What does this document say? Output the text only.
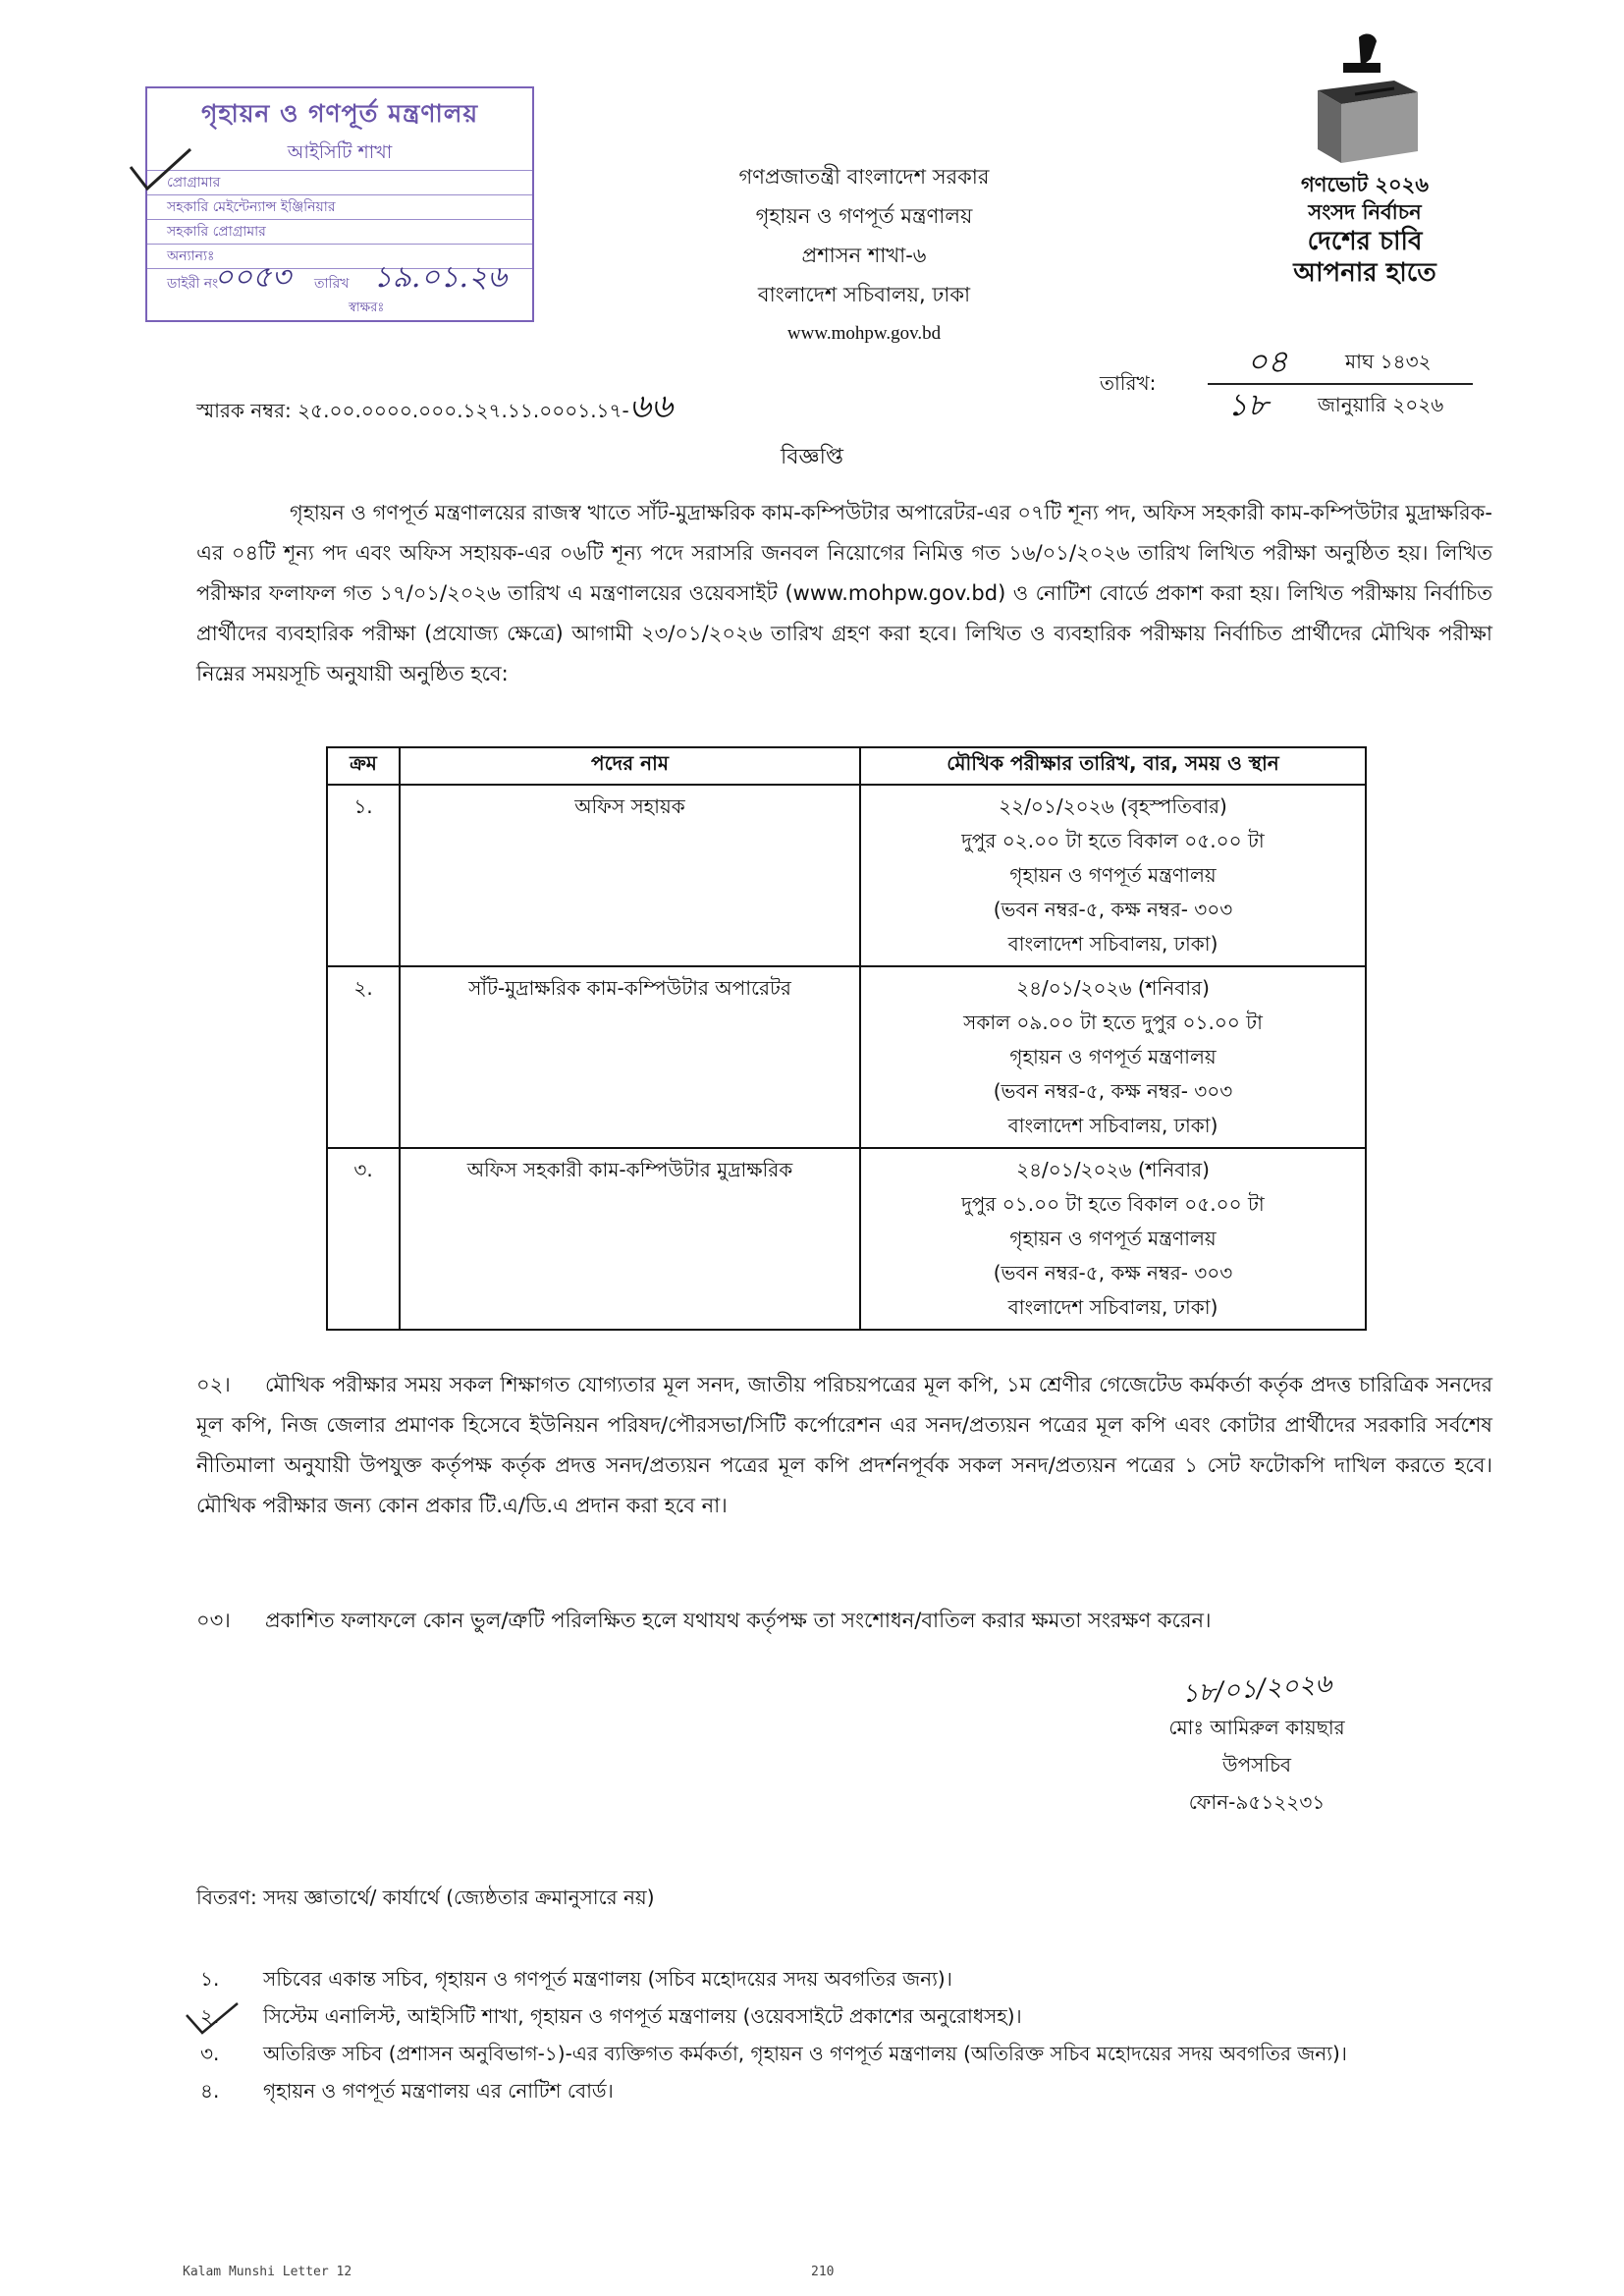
গৃহায়ন ও গণপূর্ত মন্ত্রণালয়
আইসিটি শাখা
প্রোগ্রামার
সহকারি মেইন্টেন্যান্স ইঞ্জিনিয়ার
সহকারি প্রোগ্রামার
অন্যান্যঃ
ডাইরী নং
০০৫৩ তারিখ ১৯.০১.২৬
স্বাক্ষরঃ
গণপ্রজাতন্ত্রী বাংলাদেশ সরকার
গৃহায়ন ও গণপূর্ত মন্ত্রণালয়
প্রশাসন শাখা-৬
বাংলাদেশ সচিবালয়, ঢাকা
www.mohpw.gov.bd
গণভোট ২০২৬
সংসদ নির্বাচন
দেশের চাবি
আপনার হাতে
স্মারক নম্বর: ২৫.০০.০০০০.০০০.১২৭.১১.০০০১.১৭-৬৬
তারিখ:
০৪	মাঘ ১৪৩২
১৮	জানুয়ারি ২০২৬
বিজ্ঞপ্তি
গৃহায়ন ও গণপূর্ত মন্ত্রণালয়ের রাজস্ব খাতে সাঁট-মুদ্রাক্ষরিক কাম-কম্পিউটার অপারেটর-এর ০৭টি শূন্য পদ, অফিস সহকারী কাম-কম্পিউটার মুদ্রাক্ষরিক-এর ০৪টি শূন্য পদ এবং অফিস সহায়ক-এর ০৬টি শূন্য পদে সরাসরি জনবল নিয়োগের নিমিত্ত গত ১৬/০১/২০২৬ তারিখ লিখিত পরীক্ষা অনুষ্ঠিত হয়। লিখিত পরীক্ষার ফলাফল গত ১৭/০১/২০২৬ তারিখ এ মন্ত্রণালয়ের ওয়েবসাইট (www.mohpw.gov.bd) ও নোটিশ বোর্ডে প্রকাশ করা হয়। লিখিত পরীক্ষায় নির্বাচিত প্রার্থীদের ব্যবহারিক পরীক্ষা (প্রযোজ্য ক্ষেত্রে) আগামী ২৩/০১/২০২৬ তারিখ গ্রহণ করা হবে। লিখিত ও ব্যবহারিক পরীক্ষায় নির্বাচিত প্রার্থীদের মৌখিক পরীক্ষা নিম্নের সময়সূচি অনুযায়ী অনুষ্ঠিত হবে:
ক্রম	পদের নাম	মৌখিক পরীক্ষার তারিখ, বার, সময় ও স্থান
১.	অফিস সহায়ক	২২/০১/২০২৬ (বৃহস্পতিবার)
দুপুর ০২.০০ টা হতে বিকাল ০৫.০০ টা
গৃহায়ন ও গণপূর্ত মন্ত্রণালয়
(ভবন নম্বর-৫, কক্ষ নম্বর- ৩০৩
বাংলাদেশ সচিবালয়, ঢাকা)

২.	সাঁট-মুদ্রাক্ষরিক কাম-কম্পিউটার অপারেটর	২৪/০১/২০২৬ (শনিবার)
সকাল ০৯.০০ টা হতে দুপুর ০১.০০ টা
গৃহায়ন ও গণপূর্ত মন্ত্রণালয়
(ভবন নম্বর-৫, কক্ষ নম্বর- ৩০৩
বাংলাদেশ সচিবালয়, ঢাকা)

৩.	অফিস সহকারী কাম-কম্পিউটার মুদ্রাক্ষরিক	২৪/০১/২০২৬ (শনিবার)
দুপুর ০১.০০ টা হতে বিকাল ০৫.০০ টা
গৃহায়ন ও গণপূর্ত মন্ত্রণালয়
(ভবন নম্বর-৫, কক্ষ নম্বর- ৩০৩
বাংলাদেশ সচিবালয়, ঢাকা)
০২। মৌখিক পরীক্ষার সময় সকল শিক্ষাগত যোগ্যতার মূল সনদ, জাতীয় পরিচয়পত্রের মূল কপি, ১ম শ্রেণীর গেজেটেড কর্মকর্তা কর্তৃক প্রদত্ত চারিত্রিক সনদের মূল কপি, নিজ জেলার প্রমাণক হিসেবে ইউনিয়ন পরিষদ/পৌরসভা/সিটি কর্পোরেশন এর সনদ/প্রত্যয়ন পত্রের মূল কপি এবং কোটার প্রার্থীদের সরকারি সর্বশেষ নীতিমালা অনুযায়ী উপযুক্ত কর্তৃপক্ষ কর্তৃক প্রদত্ত সনদ/প্রত্যয়ন পত্রের মূল কপি প্রদর্শনপূর্বক সকল সনদ/প্রত্যয়ন পত্রের ১ সেট ফটোকপি দাখিল করতে হবে। মৌখিক পরীক্ষার জন্য কোন প্রকার টি.এ/ডি.এ প্রদান করা হবে না।
০৩। প্রকাশিত ফলাফলে কোন ভুল/ত্রুটি পরিলক্ষিত হলে যথাযথ কর্তৃপক্ষ তা সংশোধন/বাতিল করার ক্ষমতা সংরক্ষণ করেন।
১৮/০১/২০২৬
মোঃ আমিরুল কায়ছার
উপসচিব
ফোন-৯৫১২২৩১
বিতরণ: সদয় জ্ঞাতার্থে/ কার্যার্থে (জ্যেষ্ঠতার ক্রমানুসারে নয়)
১.	সচিবের একান্ত সচিব, গৃহায়ন ও গণপূর্ত মন্ত্রণালয় (সচিব মহোদয়ের সদয় অবগতির জন্য)।
২.	সিস্টেম এনালিস্ট, আইসিটি শাখা, গৃহায়ন ও গণপূর্ত মন্ত্রণালয় (ওয়েবসাইটে প্রকাশের অনুরোধসহ)।
৩.	অতিরিক্ত সচিব (প্রশাসন অনুবিভাগ-১)-এর ব্যক্তিগত কর্মকর্তা, গৃহায়ন ও গণপূর্ত মন্ত্রণালয় (অতিরিক্ত সচিব মহোদয়ের সদয় অবগতির জন্য)।
৪.	গৃহায়ন ও গণপূর্ত মন্ত্রণালয় এর নোটিশ বোর্ড।
Kalam Munshi Letter 12	210
